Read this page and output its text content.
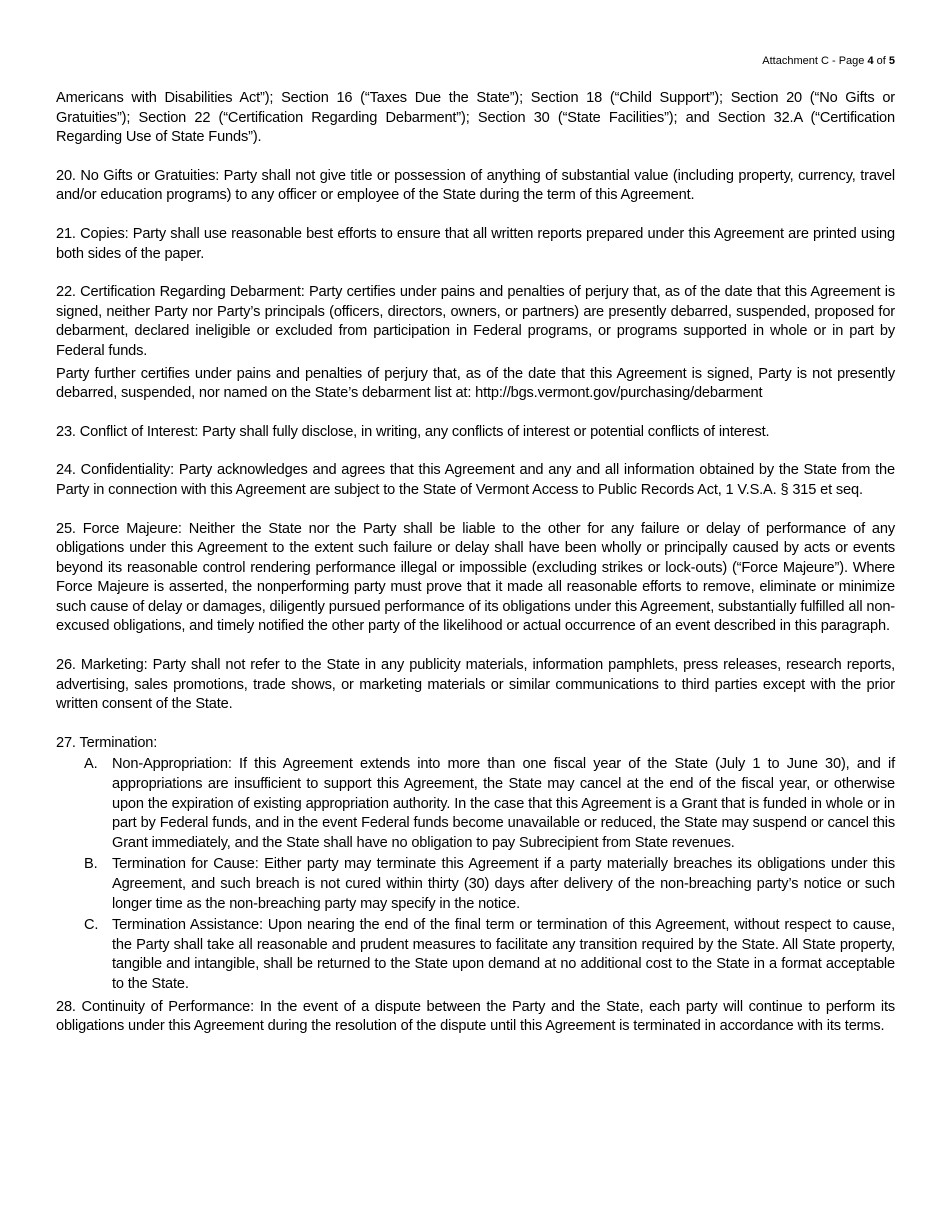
Attachment C - Page 4 of 5

Americans with Disabilities Act”); Section 16 (“Taxes Due the State”); Section 18 (“Child Support”); Section 20 (“No Gifts or Gratuities”); Section 22 (“Certification Regarding Debarment”); Section 30 (“State Facilities”); and Section 32.A (“Certification Regarding Use of State Funds”).

20. No Gifts or Gratuities: Party shall not give title or possession of anything of substantial value (including property, currency, travel and/or education programs) to any officer or employee of the State during the term of this Agreement.

21. Copies: Party shall use reasonable best efforts to ensure that all written reports prepared under this Agreement are printed using both sides of the paper.

22. Certification Regarding Debarment: Party certifies under pains and penalties of perjury that, as of the date that this Agreement is signed, neither Party nor Party’s principals (officers, directors, owners, or partners) are presently debarred, suspended, proposed for debarment, declared ineligible or excluded from participation in Federal programs, or programs supported in whole or in part by Federal funds.

Party further certifies under pains and penalties of perjury that, as of the date that this Agreement is signed, Party is not presently debarred, suspended, nor named on the State’s debarment list at: http://bgs.vermont.gov/purchasing/debarment

23. Conflict of Interest: Party shall fully disclose, in writing, any conflicts of interest or potential conflicts of interest.

24. Confidentiality: Party acknowledges and agrees that this Agreement and any and all information obtained by the State from the Party in connection with this Agreement are subject to the State of Vermont Access to Public Records Act, 1 V.S.A. § 315 et seq.

25. Force Majeure: Neither the State nor the Party shall be liable to the other for any failure or delay of performance of any obligations under this Agreement to the extent such failure or delay shall have been wholly or principally caused by acts or events beyond its reasonable control rendering performance illegal or impossible (excluding strikes or lock-outs) (“Force Majeure”). Where Force Majeure is asserted, the nonperforming party must prove that it made all reasonable efforts to remove, eliminate or minimize such cause of delay or damages, diligently pursued performance of its obligations under this Agreement, substantially fulfilled all non-excused obligations, and timely notified the other party of the likelihood or actual occurrence of an event described in this paragraph.

26. Marketing: Party shall not refer to the State in any publicity materials, information pamphlets, press releases, research reports, advertising, sales promotions, trade shows, or marketing materials or similar communications to third parties except with the prior written consent of the State.

27. Termination:

A. Non-Appropriation: If this Agreement extends into more than one fiscal year of the State (July 1 to June 30), and if appropriations are insufficient to support this Agreement, the State may cancel at the end of the fiscal year, or otherwise upon the expiration of existing appropriation authority. In the case that this Agreement is a Grant that is funded in whole or in part by Federal funds, and in the event Federal funds become unavailable or reduced, the State may suspend or cancel this Grant immediately, and the State shall have no obligation to pay Subrecipient from State revenues.
B. Termination for Cause: Either party may terminate this Agreement if a party materially breaches its obligations under this Agreement, and such breach is not cured within thirty (30) days after delivery of the non-breaching party’s notice or such longer time as the non-breaching party may specify in the notice.
C. Termination Assistance: Upon nearing the end of the final term or termination of this Agreement, without respect to cause, the Party shall take all reasonable and prudent measures to facilitate any transition required by the State. All State property, tangible and intangible, shall be returned to the State upon demand at no additional cost to the State in a format acceptable to the State.

28. Continuity of Performance: In the event of a dispute between the Party and the State, each party will continue to perform its obligations under this Agreement during the resolution of the dispute until this Agreement is terminated in accordance with its terms.
